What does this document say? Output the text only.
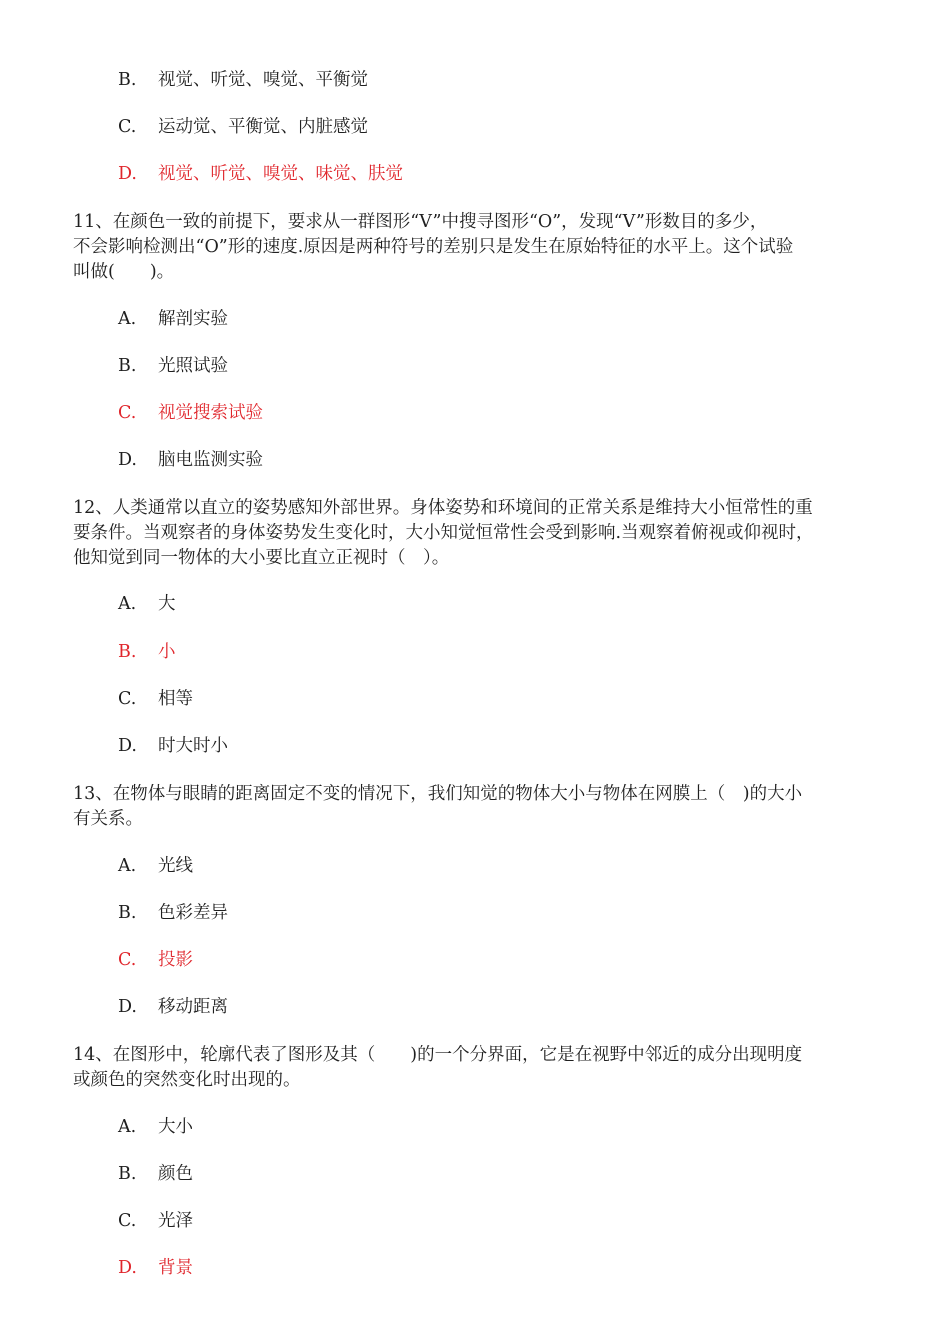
B. 视觉、听觉、嗅觉、平衡觉
C. 运动觉、平衡觉、内脏感觉
D. 视觉、听觉、嗅觉、味觉、肤觉
11、在颜色一致的前提下，要求从一群图形“V”中搜寻图形“O”，发现“V”形数目的多少，
不会影响检测出“O”形的速度.原因是两种符号的差别只是发生在原始特征的水平上。这个试验
叫做(　　)。
A. 解剖实验
B. 光照试验
C. 视觉搜索试验
D. 脑电监测实验
12、人类通常以直立的姿势感知外部世界。身体姿势和环境间的正常关系是维持大小恒常性的重
要条件。当观察者的身体姿势发生变化时，大小知觉恒常性会受到影响.当观察着俯视或仰视时，
他知觉到同一物体的大小要比直立正视时（　）。
A. 大
B. 小
C. 相等
D. 时大时小
13、在物体与眼睛的距离固定不变的情况下，我们知觉的物体大小与物体在网膜上（　)的大小
有关系。
A. 光线
B. 色彩差异
C. 投影
D. 移动距离
14、在图形中，轮廓代表了图形及其（　　)的一个分界面，它是在视野中邻近的成分出现明度
或颜色的突然变化时出现的。
A. 大小
B. 颜色
C. 光泽
D. 背景
